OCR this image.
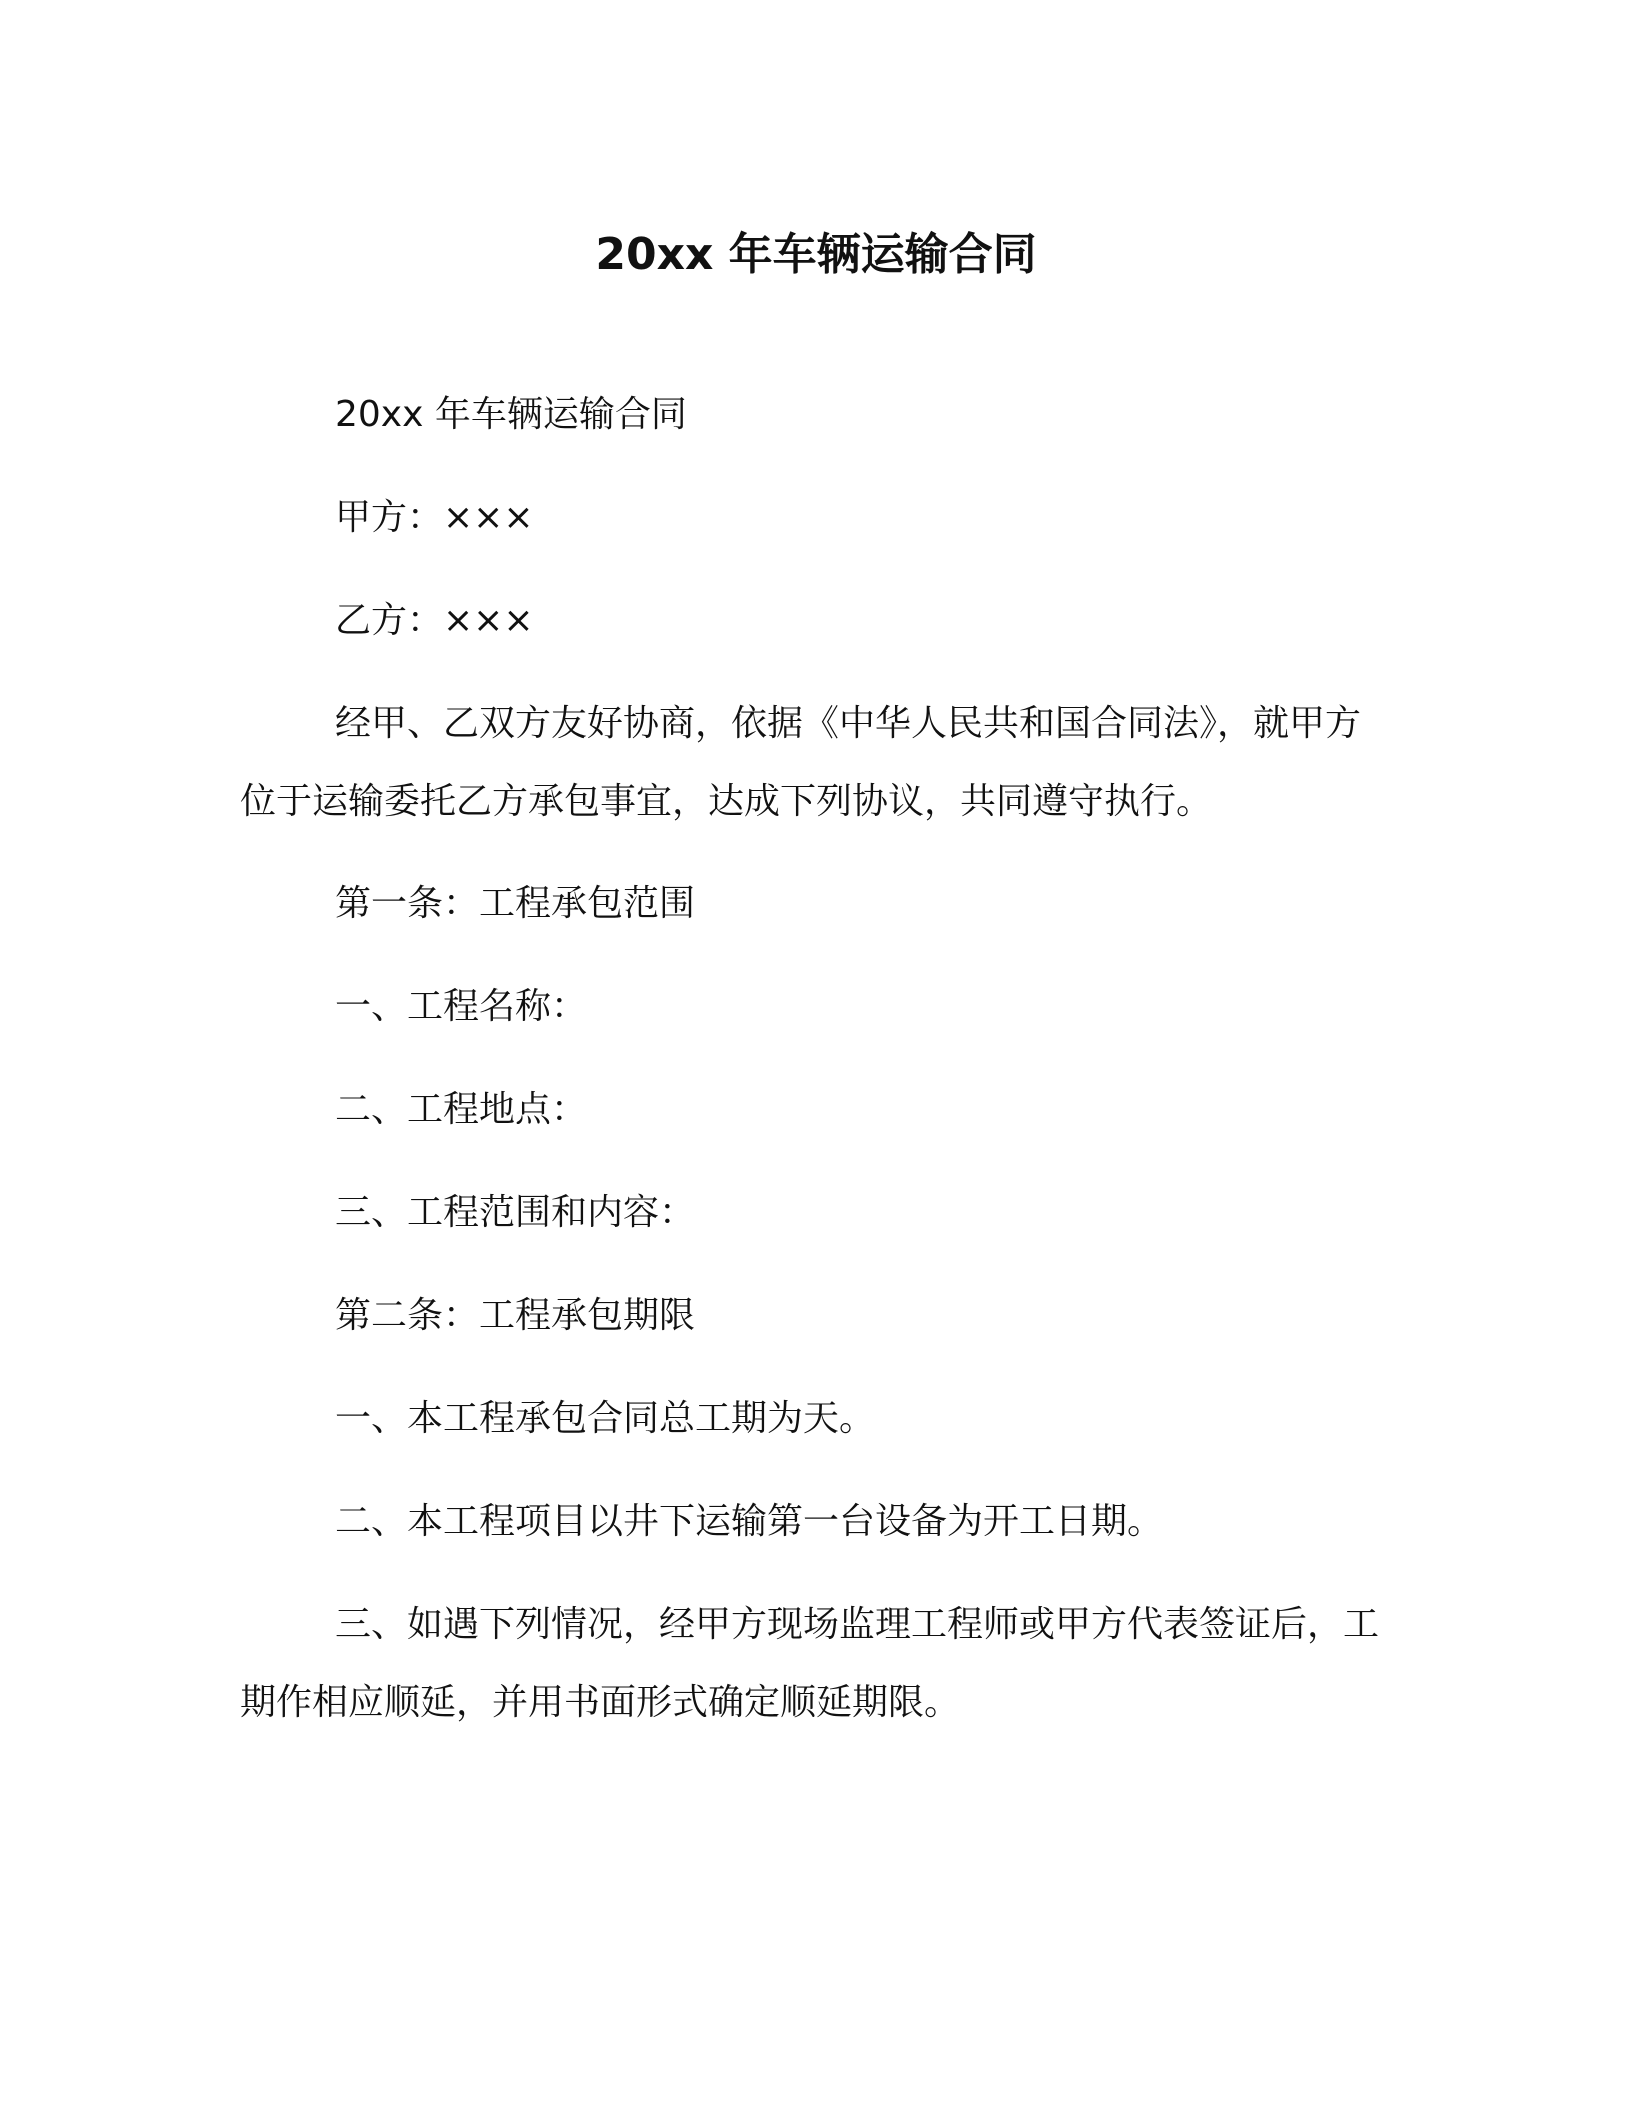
20xx 年车辆运输合同

20xx 年车辆运输合同

甲方：×××

乙方：×××

经甲、乙双方友好协商，依据《中华人民共和国合同法》，就甲方位于运输委托乙方承包事宜，达成下列协议，共同遵守执行。

第一条：工程承包范围

一、工程名称：

二、工程地点：

三、工程范围和内容：

第二条：工程承包期限

一、本工程承包合同总工期为天。

二、本工程项目以井下运输第一台设备为开工日期。

三、如遇下列情况，经甲方现场监理工程师或甲方代表签证后，工期作相应顺延，并用书面形式确定顺延期限。
